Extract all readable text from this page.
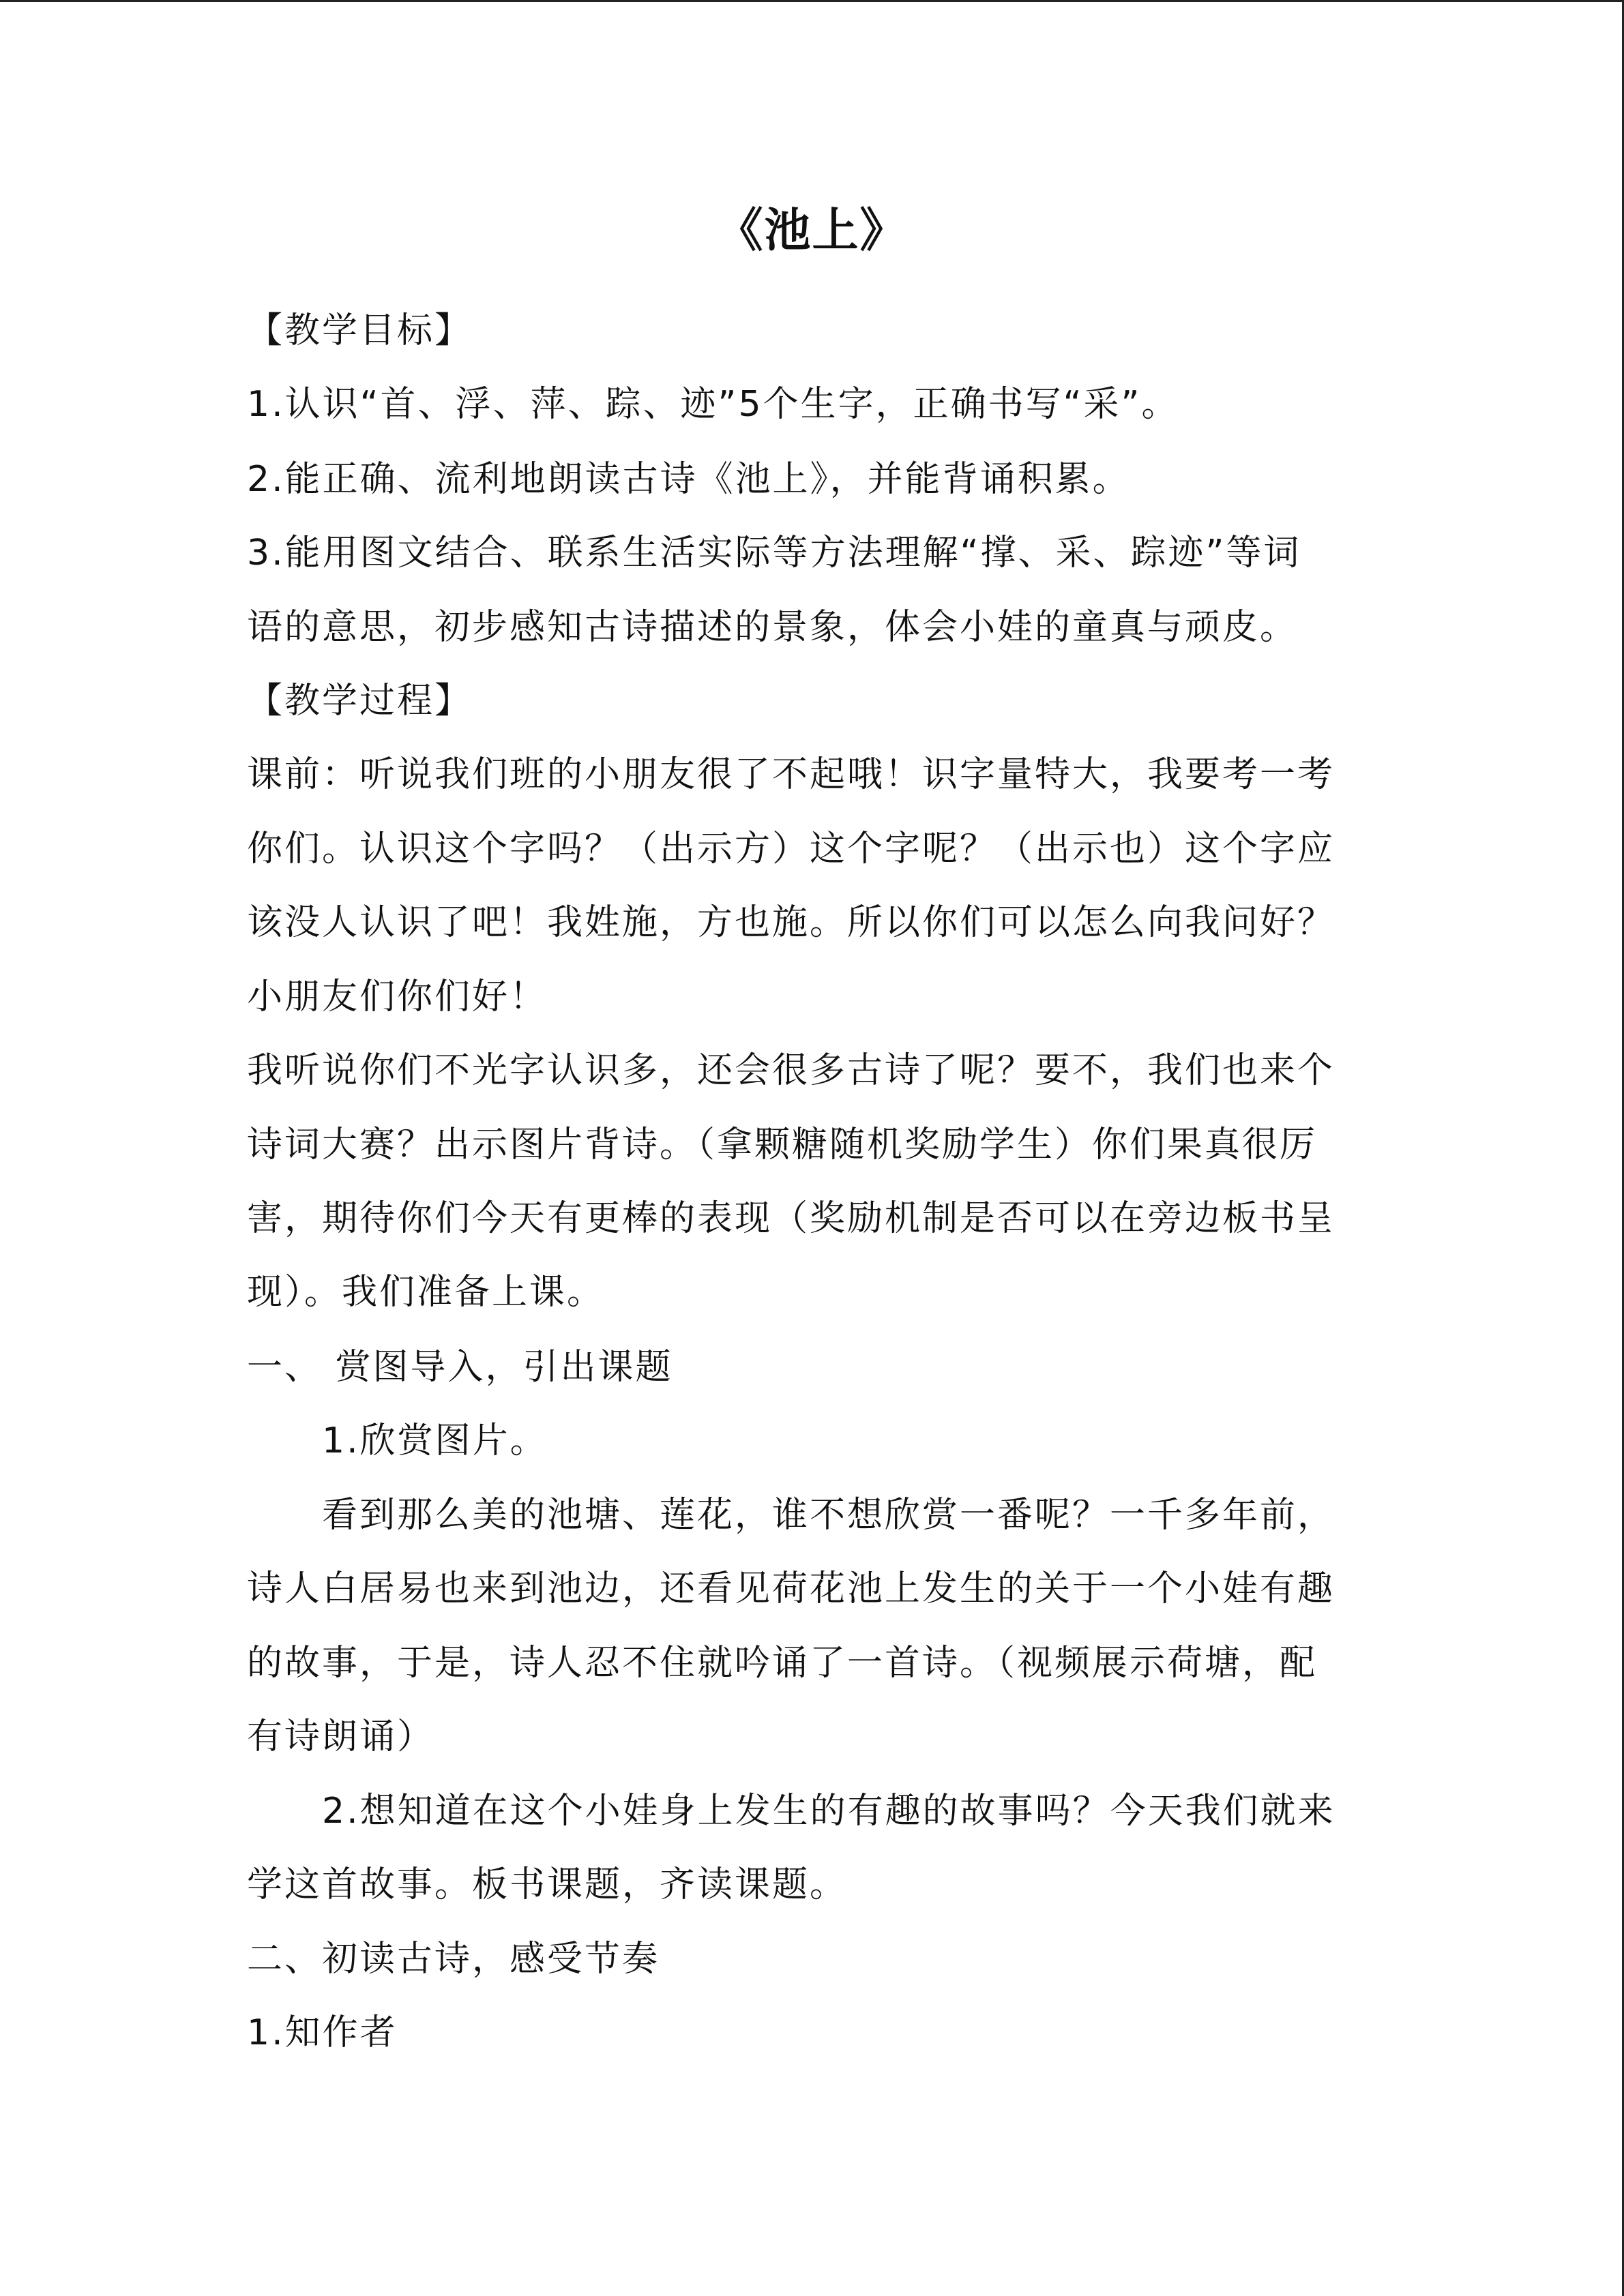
《池上》
【教学目标】
1.认识“首、浮、萍、踪、迹”5个生字，正确书写“采”。
2.能正确、流利地朗读古诗《池上》，并能背诵积累。
3.能用图文结合、联系生活实际等方法理解“撑、采、踪迹”等词
语的意思，初步感知古诗描述的景象，体会小娃的童真与顽皮。
【教学过程】
课前：听说我们班的小朋友很了不起哦！识字量特大，我要考一考
你们。认识这个字吗？（出示方）这个字呢？（出示也）这个字应
该没人认识了吧！我姓施，方也施。所以你们可以怎么向我问好？
小朋友们你们好！
我听说你们不光字认识多，还会很多古诗了呢？要不，我们也来个
诗词大赛？出示图片背诗。（拿颗糖随机奖励学生）你们果真很厉
害，期待你们今天有更棒的表现（奖励机制是否可以在旁边板书呈
现）。我们准备上课。
一、 赏图导入，引出课题
1.欣赏图片。
看到那么美的池塘、莲花，谁不想欣赏一番呢？一千多年前，
诗人白居易也来到池边，还看见荷花池上发生的关于一个小娃有趣
的故事，于是，诗人忍不住就吟诵了一首诗。（视频展示荷塘，配
有诗朗诵）
2.想知道在这个小娃身上发生的有趣的故事吗？今天我们就来
学这首故事。板书课题，齐读课题。
二、初读古诗，感受节奏
1.知作者
